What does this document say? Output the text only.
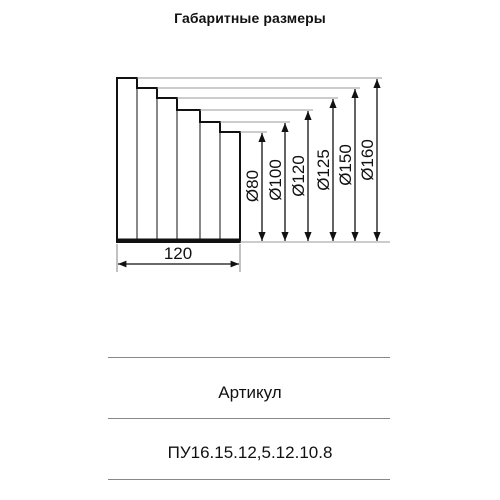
Габаритные размеры
Ø80 Ø100 Ø120 Ø125 Ø150 Ø160
120
Артикул
ПУ16.15.12,5.12.10.8
